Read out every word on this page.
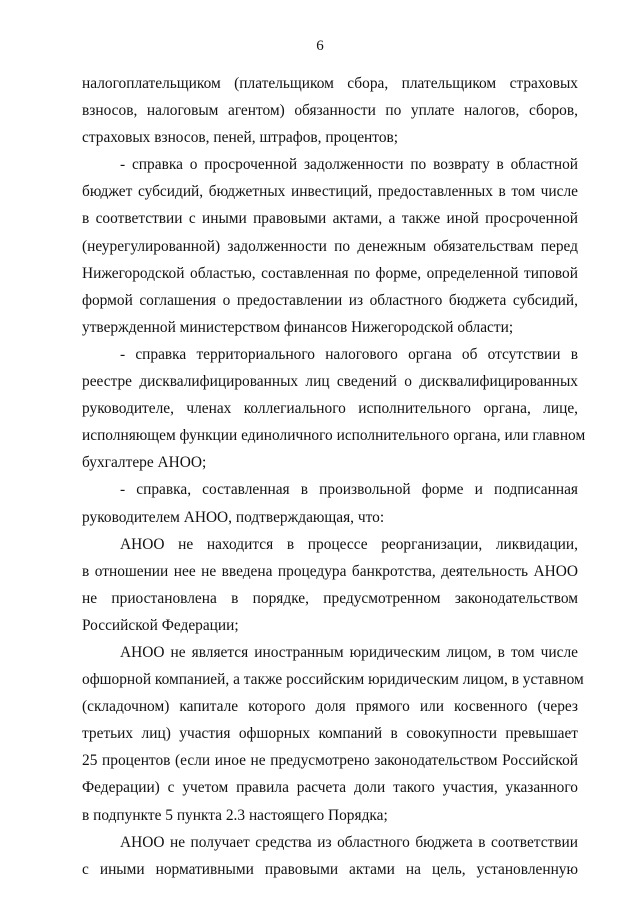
6

налогоплательщиком (плательщиком сбора, плательщиком страховых
взносов, налоговым агентом) обязанности по уплате налогов, сборов,
страховых взносов, пеней, штрафов, процентов;

- справка о просроченной задолженности по возврату в областной
бюджет субсидий, бюджетных инвестиций, предоставленных в том числе
в соответствии с иными правовыми актами, а также иной просроченной
(неурегулированной) задолженности по денежным обязательствам перед
Нижегородской областью, составленная по форме, определенной типовой
формой соглашения о предоставлении из областного бюджета субсидий,
утвержденной министерством финансов Нижегородской области;

- справка территориального налогового органа об отсутствии в
реестре дисквалифицированных лиц сведений о дисквалифицированных
руководителе, членах коллегиального исполнительного органа, лице,
исполняющем функции единоличного исполнительного органа, или главном
бухгалтере АНОО;

- справка, составленная в произвольной форме и подписанная
руководителем АНОО, подтверждающая, что:

АНОО не находится в процессе реорганизации, ликвидации,
в отношении нее не введена процедура банкротства, деятельность АНОО
не приостановлена в порядке, предусмотренном законодательством
Российской Федерации;

АНОО не является иностранным юридическим лицом, в том числе
офшорной компанией, а также российским юридическим лицом, в уставном
(складочном) капитале которого доля прямого или косвенного (через
третьих лиц) участия офшорных компаний в совокупности превышает
25 процентов (если иное не предусмотрено законодательством Российской
Федерации) с учетом правила расчета доли такого участия, указанного
в подпункте 5 пункта 2.3 настоящего Порядка;

АНОО не получает средства из областного бюджета в соответствии
с иными нормативными правовыми актами на цель, установленную
